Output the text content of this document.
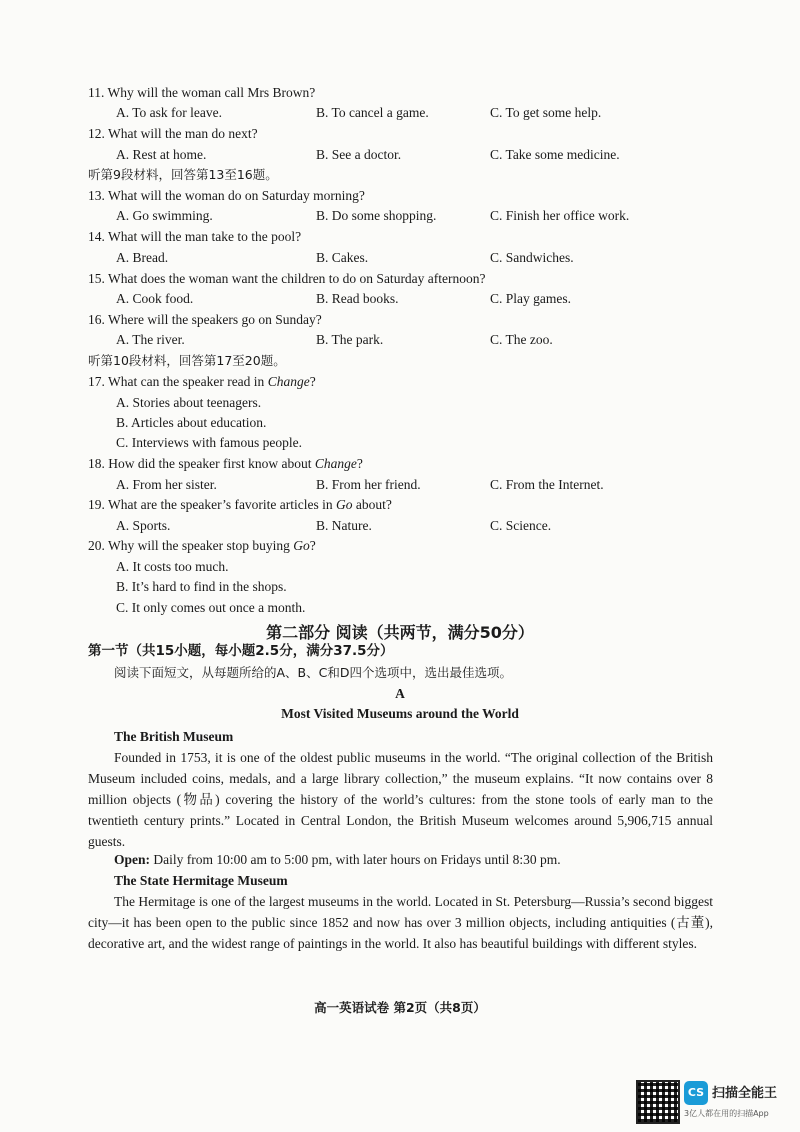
11. Why will the woman call Mrs Brown?
A. To ask for leave.	B. To cancel a game.	C. To get some help.
12. What will the man do next?
A. Rest at home.	B. See a doctor.	C. Take some medicine.
听第9段材料，回答第13至16题。
13. What will the woman do on Saturday morning?
A. Go swimming.	B. Do some shopping.	C. Finish her office work.
14. What will the man take to the pool?
A. Bread.	B. Cakes.	C. Sandwiches.
15. What does the woman want the children to do on Saturday afternoon?
A. Cook food.	B. Read books.	C. Play games.
16. Where will the speakers go on Sunday?
A. The river.	B. The park.	C. The zoo.
听第10段材料，回答第17至20题。
17. What can the speaker read in Change?
A. Stories about teenagers.
B. Articles about education.
C. Interviews with famous people.
18. How did the speaker first know about Change?
A. From her sister.	B. From her friend.	C. From the Internet.
19. What are the speaker’s favorite articles in Go about?
A. Sports.	B. Nature.	C. Science.
20. Why will the speaker stop buying Go?
A. It costs too much.
B. It’s hard to find in the shops.
C. It only comes out once a month.
第二部分 阅读（共两节，满分50分）
第一节（共15小题，每小题2.5分，满分37.5分）
阅读下面短文，从每题所给的A、B、C和D四个选项中，选出最佳选项。
A
Most Visited Museums around the World
The British Museum

Founded in 1753, it is one of the oldest public museums in the world. “The original collection of the British Museum included coins, medals, and a large library collection,” the museum explains. “It now contains over 8 million objects (物品) covering the history of the world’s cultures: from the stone tools of early man to the twentieth century prints.” Located in Central London, the British Museum welcomes around 5,906,715 annual guests.

Open: Daily from 10:00 am to 5:00 pm, with later hours on Fridays until 8:30 pm.
The State Hermitage Museum

The Hermitage is one of the largest museums in the world. Located in St. Petersburg—Russia’s second biggest city—it has been open to the public since 1852 and now has over 3 million objects, including antiquities (古董), decorative art, and the widest range of paintings in the world. It also has beautiful buildings with different styles.

高一英语试卷 第2页（共8页）
CS 扫描全能王
3亿人都在用的扫描App
